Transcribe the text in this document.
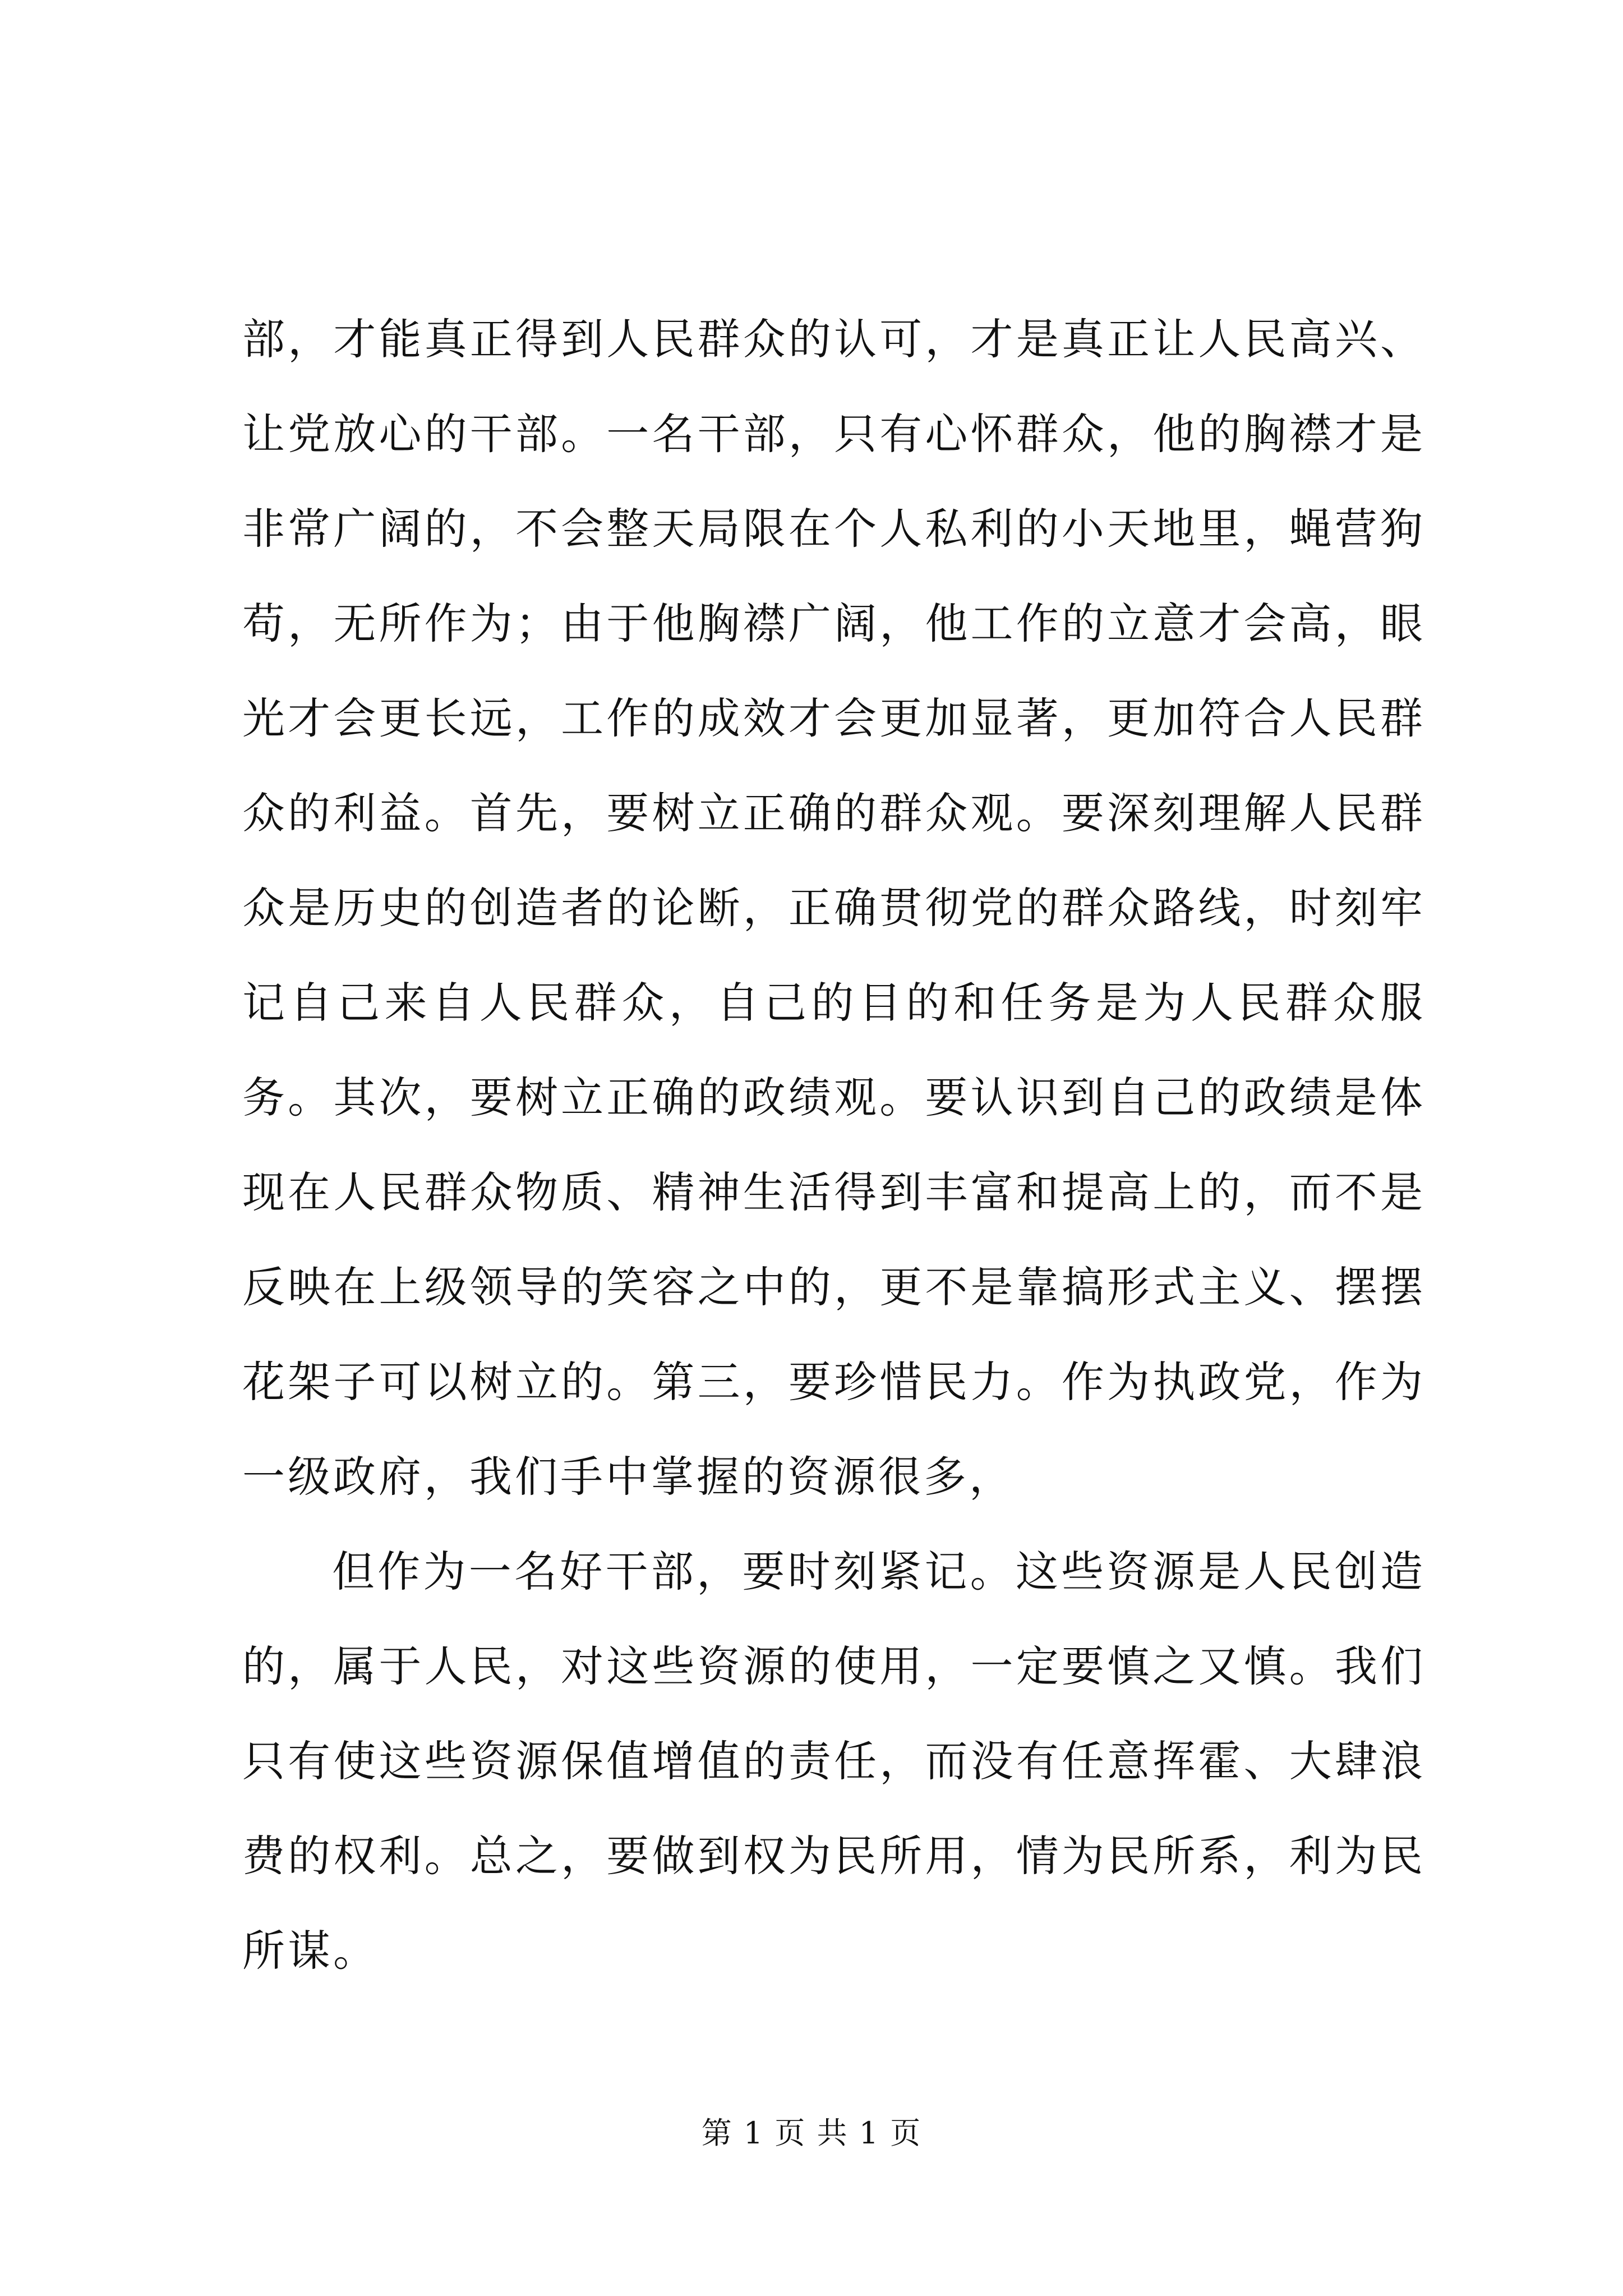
部，才能真正得到人民群众的认可，才是真正让人民高兴、让党放心的干部。一名干部，只有心怀群众，他的胸襟才是非常广阔的，不会整天局限在个人私利的小天地里，蝇营狗苟，无所作为；由于他胸襟广阔，他工作的立意才会高，眼光才会更长远，工作的成效才会更加显著，更加符合人民群众的利益。首先，要树立正确的群众观。要深刻理解人民群众是历史的创造者的论断，正确贯彻党的群众路线，时刻牢记自己来自人民群众，自己的目的和任务是为人民群众服务。其次，要树立正确的政绩观。要认识到自己的政绩是体现在人民群众物质、精神生活得到丰富和提高上的，而不是反映在上级领导的笑容之中的，更不是靠搞形式主义、摆摆花架子可以树立的。第三，要珍惜民力。作为执政党，作为一级政府，我们手中掌握的资源很多，

但作为一名好干部，要时刻紧记。这些资源是人民创造的，属于人民，对这些资源的使用，一定要慎之又慎。我们只有使这些资源保值增值的责任，而没有任意挥霍、大肆浪费的权利。总之，要做到权为民所用，情为民所系，利为民所谋。

第 1 页 共 1 页
